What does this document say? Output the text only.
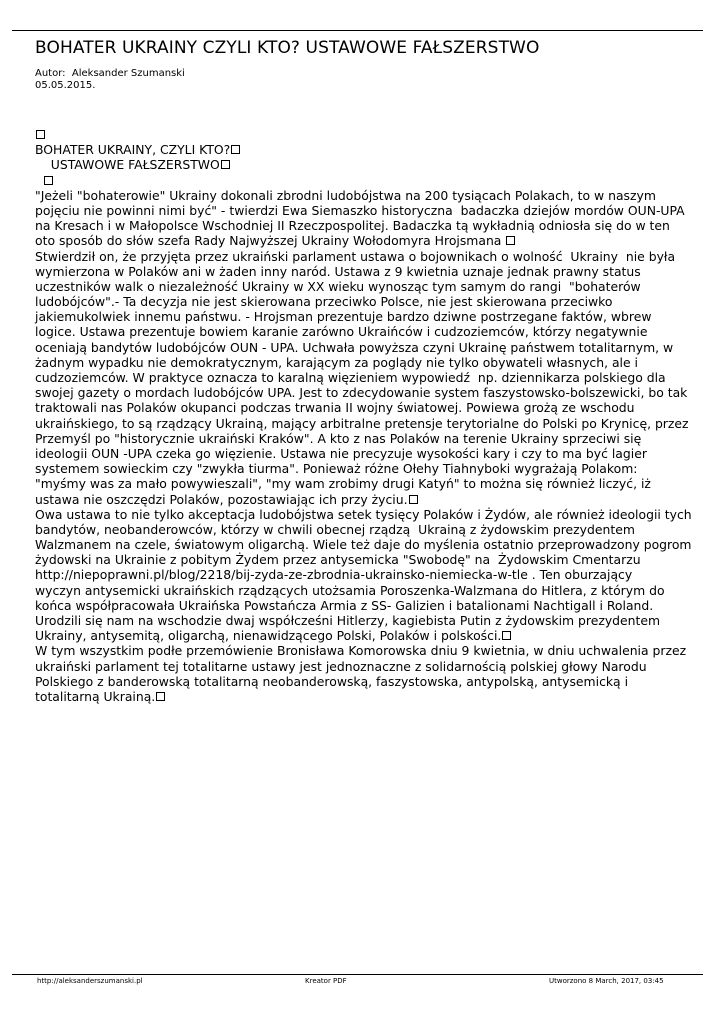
BOHATER UKRAINY CZYLI KTO? USTAWOWE FAŁSZERSTWO
Autor:  Aleksander Szumanski
05.05.2015.
BOHATER UKRAINY, CZYLI KTO?
USTAWOWE FAŁSZERSTWO

"Jeżeli "bohaterowie" Ukrainy dokonali zbrodni ludobójstwa na 200 tysiącach Polakach, to w naszym
pojęciu nie powinni nimi być" - twierdzi Ewa Siemaszko historyczna  badaczka dziejów mordów OUN-UPA
na Kresach i w Małopolsce Wschodniej II Rzeczpospolitej. Badaczka tą wykładnią odniosła się do w ten
oto sposób do słów szefa Rady Najwyższej Ukrainy Wołodomyra Hrojsmana
Stwierdził on, że przyjęta przez ukraiński parlament ustawa o bojownikach o wolność  Ukrainy  nie była
wymierzona w Polaków ani w żaden inny naród. Ustawa z 9 kwietnia uznaje jednak prawny status
uczestników walk o niezależność Ukrainy w XX wieku wynosząc tym samym do rangi  "bohaterów
ludobójców".- Ta decyzja nie jest skierowana przeciwko Polsce, nie jest skierowana przeciwko
jakiemukolwiek innemu państwu. - Hrojsman prezentuje bardzo dziwne postrzegane faktów, wbrew
logice. Ustawa prezentuje bowiem karanie zarówno Ukraińców i cudzoziemców, którzy negatywnie
oceniają bandytów ludobójców OUN - UPA. Uchwała powyższa czyni Ukrainę państwem totalitarnym, w
żadnym wypadku nie demokratycznym, karającym za poglądy nie tylko obywateli własnych, ale i
cudzoziemców. W praktyce oznacza to karalną więzieniem wypowiedź  np. dziennikarza polskiego dla
swojej gazety o mordach ludobójców UPA. Jest to zdecydowanie system faszystowsko-bolszewicki, bo tak
traktowali nas Polaków okupanci podczas trwania II wojny światowej. Powiewa grożą ze wschodu
ukraińskiego, to są rządzący Ukrainą, mający arbitralne pretensje terytorialne do Polski po Krynicę, przez
Przemyśl po "historycznie ukraiński Kraków". A kto z nas Polaków na terenie Ukrainy sprzeciwi się
ideologii OUN -UPA czeka go więzienie. Ustawa nie precyzuje wysokości kary i czy to ma być lagier
systemem sowieckim czy "zwykła tiurma". Ponieważ różne Ołehy Tiahnyboki wygrażają Polakom:
"myśmy was za mało powywieszali", "my wam zrobimy drugi Katyń" to można się również liczyć, iż
ustawa nie oszczędzi Polaków, pozostawiając ich przy życiu.
Owa ustawa to nie tylko akceptacja ludobójstwa setek tysięcy Polaków i Żydów, ale również ideologii tych
bandytów, neobanderowców, którzy w chwili obecnej rządzą  Ukrainą z żydowskim prezydentem
Walzmanem na czele, światowym oligarchą. Wiele też daje do myślenia ostatnio przeprowadzony pogrom
żydowski na Ukrainie z pobitym Żydem przez antysemicka "Swobodę" na  Żydowskim Cmentarzu
http://niepoprawni.pl/blog/2218/bij-zyda-ze-zbrodnia-ukrainsko-niemiecka-w-tle . Ten oburzający
wyczyn antysemicki ukraińskich rządzących utożsamia Poroszenka-Walzmana do Hitlera, z którym do
końca współpracowała Ukraińska Powstańcza Armia z SS- Galizien i batalionami Nachtigall i Roland.
Urodzili się nam na wschodzie dwaj współcześni Hitlerzy, kagiebista Putin z żydowskim prezydentem
Ukrainy, antysemitą, oligarchą, nienawidzącego Polski, Polaków i polskości.
W tym wszystkim podłe przemówienie Bronisława Komorowska dniu 9 kwietnia, w dniu uchwalenia przez
ukraiński parlament tej totalitarne ustawy jest jednoznaczne z solidarnością polskiej głowy Narodu
Polskiego z banderowską totalitarną neobanderowską, faszystowska, antypolską, antysemicką i
totalitarną Ukrainą.
http://aleksanderszumanski.pl	Kreator PDF	Utworzono 8 March, 2017, 03:45
